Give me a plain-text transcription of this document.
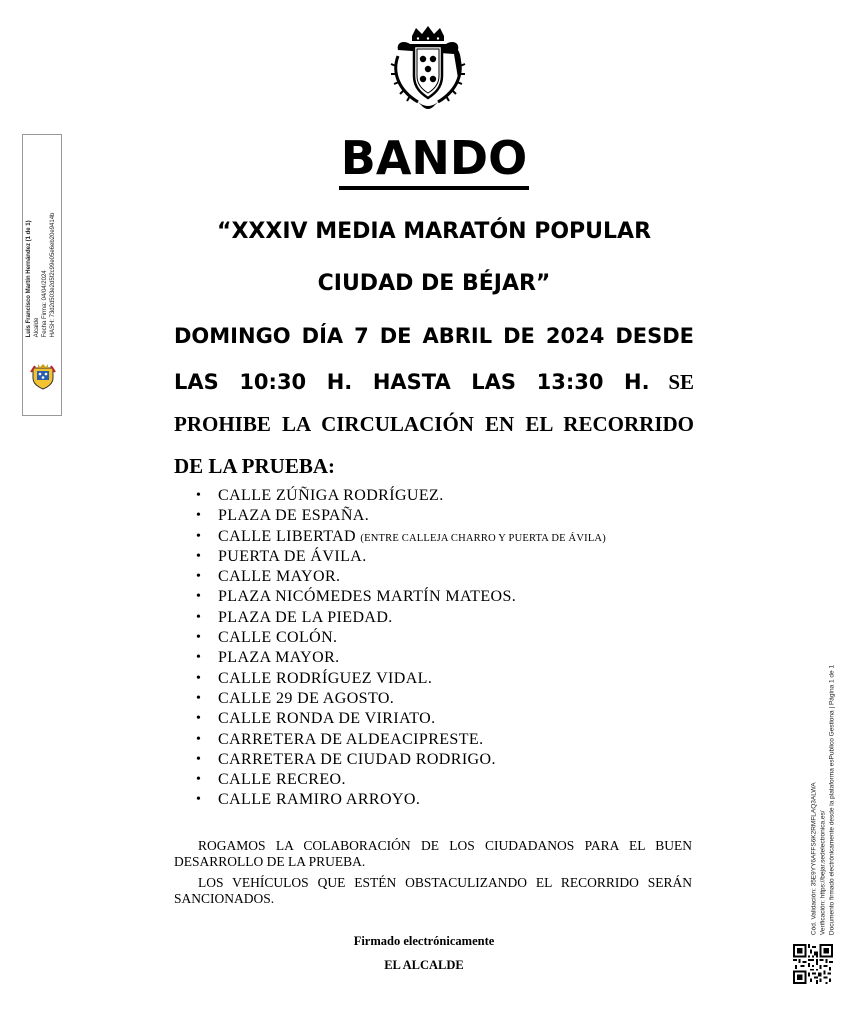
BANDO
“XXXIV MEDIA MARATÓN POPULAR
CIUDAD DE BÉJAR”
DOMINGO DÍA 7 DE ABRIL DE 2024 DESDE
LAS 10:30 H. HASTA LAS 13:30 H. SE
PROHIBE LA CIRCULACIÓN EN EL RECORRIDO
DE LA PRUEBA:
• CALLE ZÚÑIGA RODRÍGUEZ.
• PLAZA DE ESPAÑA.
• CALLE LIBERTAD (ENTRE CALLEJA CHARRO Y PUERTA DE ÁVILA)
• PUERTA DE ÁVILA.
• CALLE MAYOR.
• PLAZA NICÓMEDES MARTÍN MATEOS.
• PLAZA DE LA PIEDAD.
• CALLE COLÓN.
• PLAZA MAYOR.
• CALLE RODRÍGUEZ VIDAL.
• CALLE 29 DE AGOSTO.
• CALLE RONDA DE VIRIATO.
• CARRETERA DE ALDEACIPRESTE.
• CARRETERA DE CIUDAD RODRIGO.
• CALLE RECREO.
• CALLE RAMIRO ARROYO.
ROGAMOS LA COLABORACIÓN DE LOS CIUDADANOS PARA EL BUEN
DESARROLLO DE LA PRUEBA.
LOS VEHÍCULOS QUE ESTÉN OBSTACULIZANDO EL RECORRIDO SERÁN
SANCIONADOS.
Firmado electrónicamente
EL ALCALDE
Luis Francisco Martín Hernández (1 de 1) Alcalde Fecha Firma: 04/04/2024 HASH: 73d2d503e2d5f2c99e05e6eb20e9414b
Cód. Validación: 35E9YY6AFFS6K2RMFLAQ3ALWA Verificación: https://bejar.sedelectronica.es/ Documento firmado electrónicamente desde la plataforma esPublico Gestiona | Página 1 de 1
